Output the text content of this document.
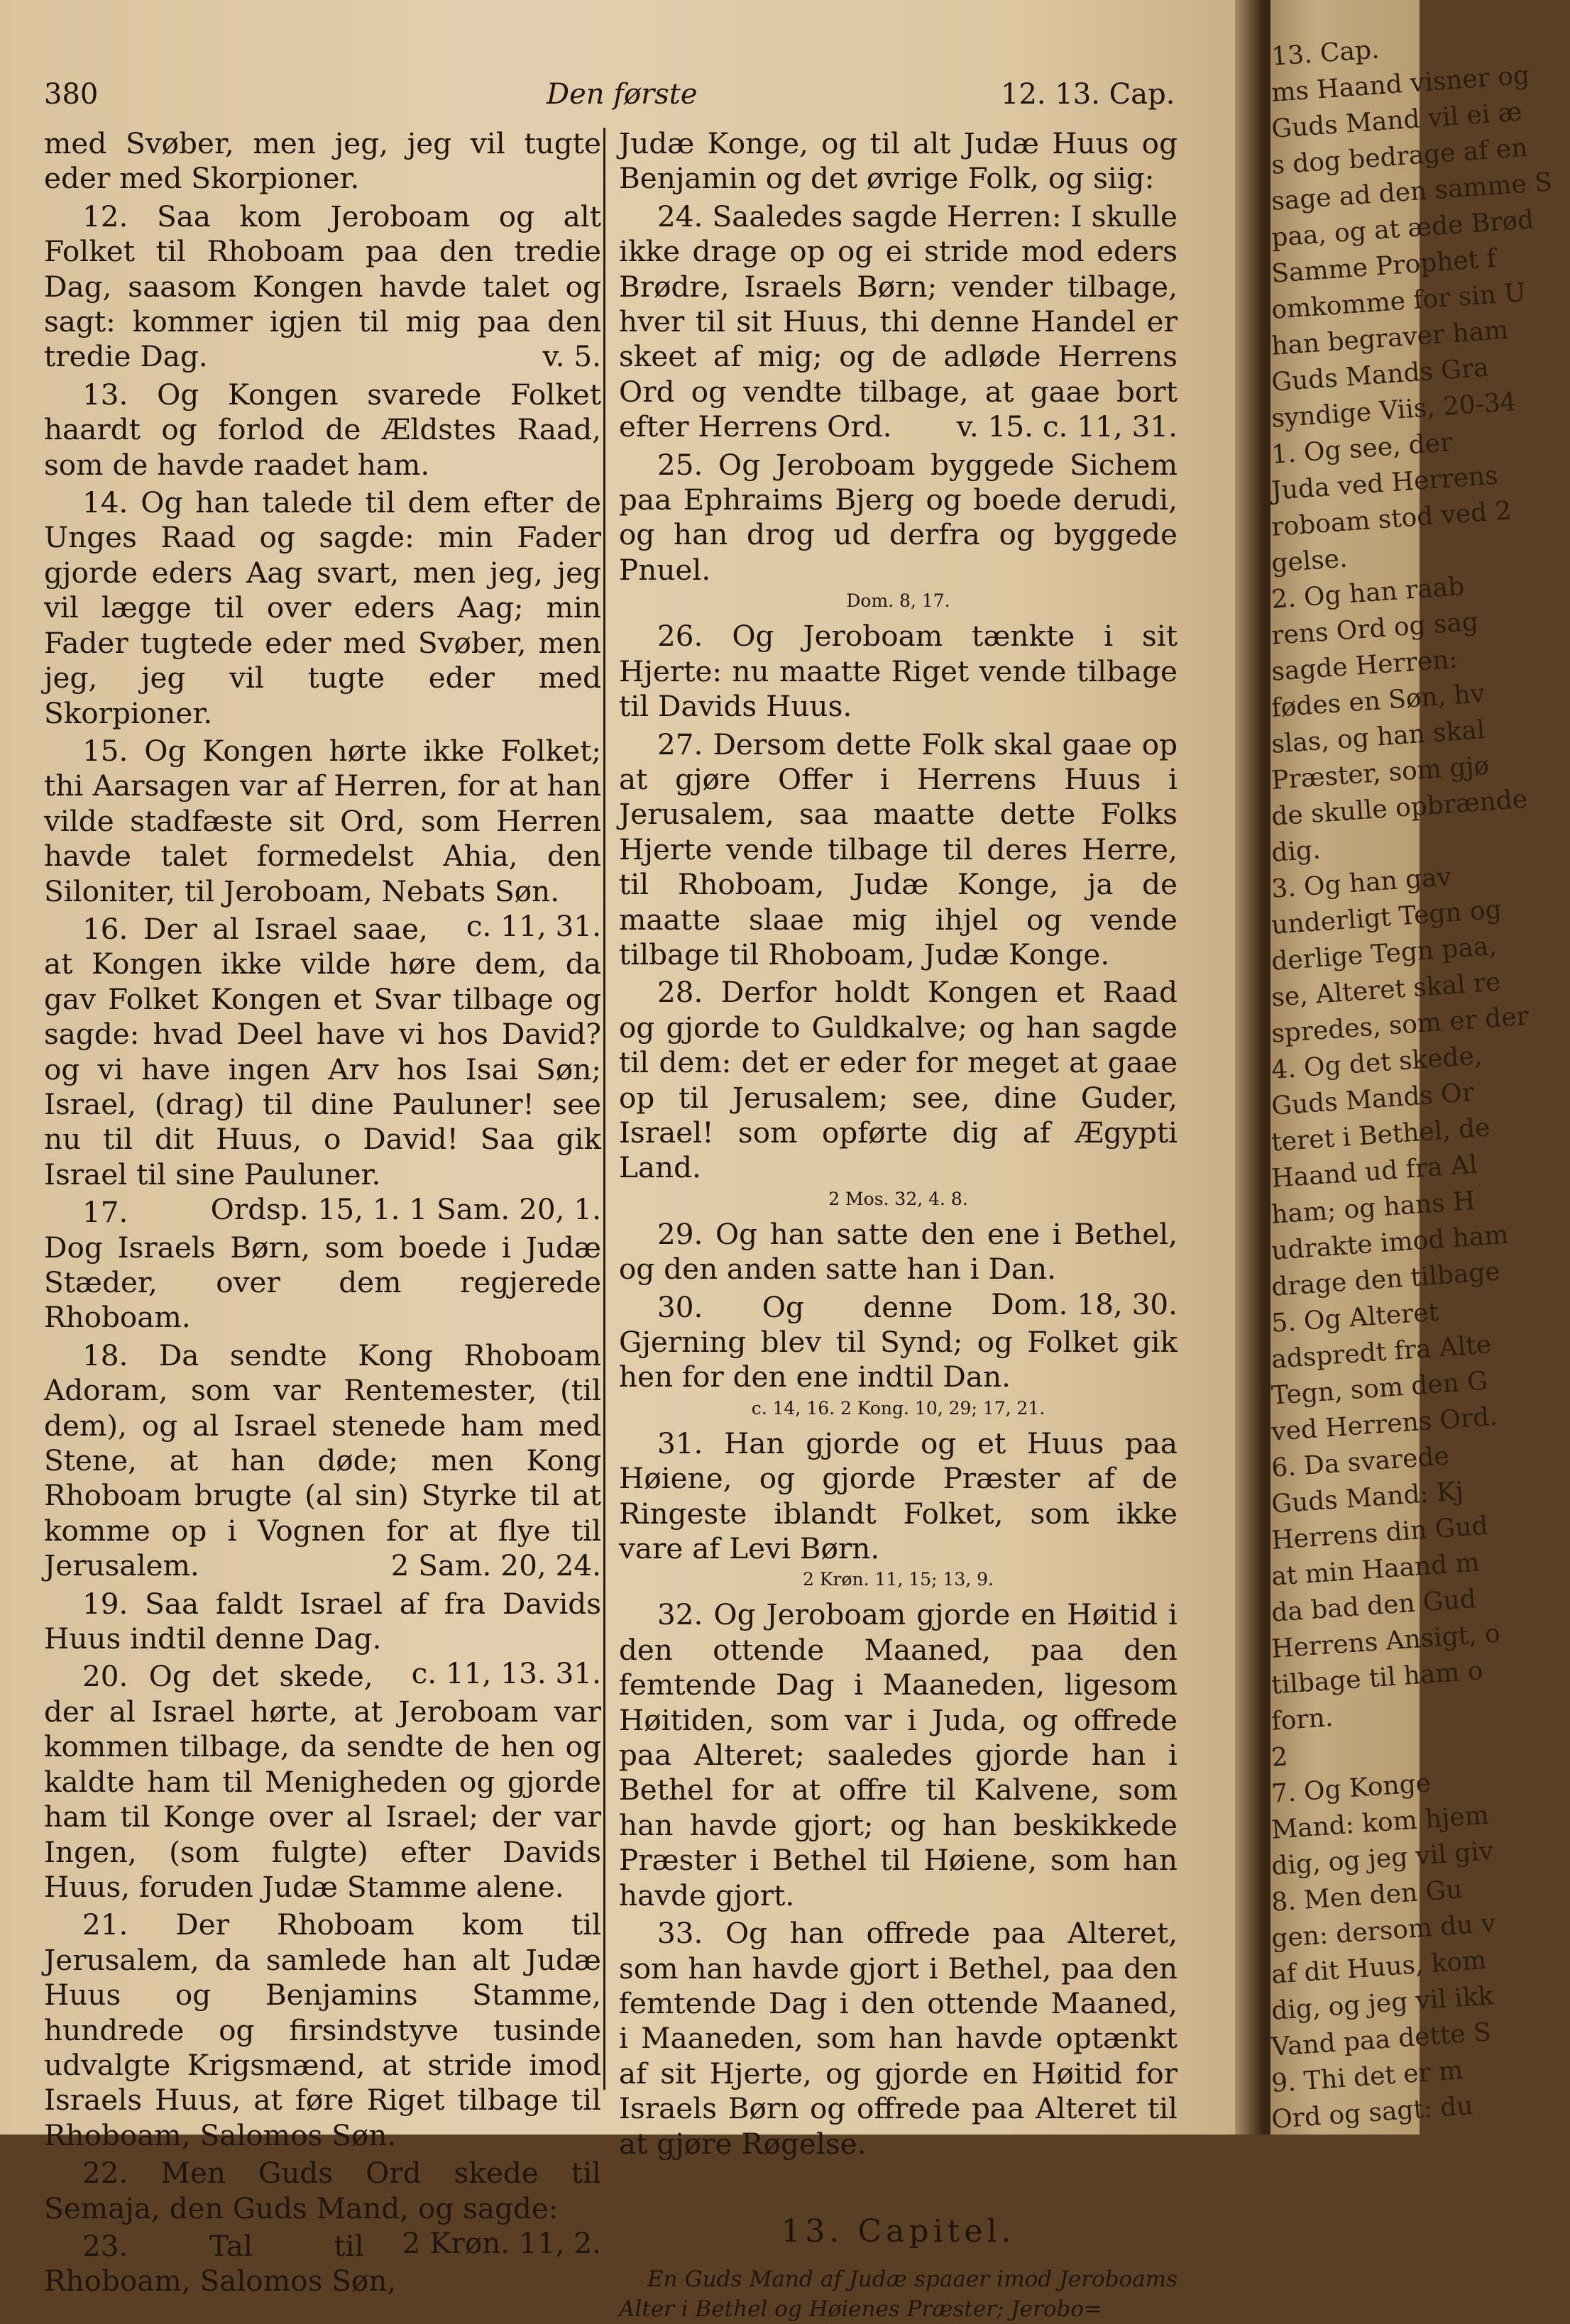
380	Den første	12. 13. Cap.

med Svøber, men jeg, jeg vil tugte eder med Skorpioner.

12. Saa kom Jeroboam og alt Folket til Rhoboam paa den tredie Dag, saasom Kongen havde talet og sagt: kommer igjen til mig paa den tredie Dag.	v. 5.

13. Og Kongen svarede Folket haardt og forlod de Ældstes Raad, som de havde raadet ham.

14. Og han talede til dem efter de Unges Raad og sagde: min Fader gjorde eders Aag svart, men jeg, jeg vil lægge til over eders Aag; min Fader tugtede eder med Svøber, men jeg, jeg vil tugte eder med Skorpioner.

15. Og Kongen hørte ikke Folket; thi Aarsagen var af Herren, for at han vilde stadfæste sit Ord, som Herren havde talet formedelst Ahia, den Siloniter, til Jeroboam, Nebats Søn.
c. 11, 31.

16. Der al Israel saae, at Kongen ikke vilde høre dem, da gav Folket Kongen et Svar tilbage og sagde: hvad Deel have vi hos David? og vi have ingen Arv hos Isai Søn; Israel, (drag) til dine Pauluner! see nu til dit Huus, o David! Saa gik Israel til sine Pauluner.
Ordsp. 15, 1. 1 Sam. 20, 1.

17. Dog Israels Børn, som boede i Judæ Stæder, over dem regjerede Rhoboam.

18. Da sendte Kong Rhoboam Adoram, som var Rentemester, (til dem), og al Israel stenede ham med Stene, at han døde; men Kong Rhoboam brugte (al sin) Styrke til at komme op i Vognen for at flye til Jerusalem.	2 Sam. 20, 24.

19. Saa faldt Israel af fra Davids Huus indtil denne Dag.
c. 11, 13. 31.

20. Og det skede, der al Israel hørte, at Jeroboam var kommen tilbage, da sendte de hen og kaldte ham til Menigheden og gjorde ham til Konge over al Israel; der var Ingen, (som fulgte) efter Davids Huus, foruden Judæ Stamme alene.

21. Der Rhoboam kom til Jerusalem, da samlede han alt Judæ Huus og Benjamins Stamme, hundrede og firsindstyve tusinde udvalgte Krigsmænd, at stride imod Israels Huus, at føre Riget tilbage til Rhoboam, Salomos Søn.

22. Men Guds Ord skede til Semaja, den Guds Mand, og sagde:
2 Krøn. 11, 2.

23.	Tal til Rhoboam, Salomos Søn,

Judæ Konge, og til alt Judæ Huus og Benjamin og det øvrige Folk, og siig:

24. Saaledes sagde Herren: I skulle ikke drage op og ei stride mod eders Brødre, Israels Børn; vender tilbage, hver til sit Huus, thi denne Handel er skeet af mig; og de adløde Herrens Ord og vendte tilbage, at gaae bort efter Herrens Ord.	v. 15. c. 11, 31.

25. Og Jeroboam byggede Sichem paa Ephraims Bjerg og boede derudi, og han drog ud derfra og byggede Pnuel.

Dom. 8, 17.

26. Og Jeroboam tænkte i sit Hjerte: nu maatte Riget vende tilbage til Davids Huus.

27. Dersom dette Folk skal gaae op at gjøre Offer i Herrens Huus i Jerusalem, saa maatte dette Folks Hjerte vende tilbage til deres Herre, til Rhoboam, Judæ Konge, ja de maatte slaae mig ihjel og vende tilbage til Rhoboam, Judæ Konge.

28. Derfor holdt Kongen et Raad og gjorde to Guldkalve; og han sagde til dem: det er eder for meget at gaae op til Jerusalem; see, dine Guder, Israel! som opførte dig af Ægypti Land.

2 Mos. 32, 4. 8.

29. Og han satte den ene i Bethel, og den anden satte han i Dan.
Dom. 18, 30.

30. Og denne Gjerning blev til Synd; og Folket gik hen for den ene indtil Dan.

c. 14, 16. 2 Kong. 10, 29; 17, 21.

31. Han gjorde og et Huus paa Høiene, og gjorde Præster af de Ringeste iblandt Folket, som ikke vare af Levi Børn.

2 Krøn. 11, 15; 13, 9.

32. Og Jeroboam gjorde en Høitid i den ottende Maaned, paa den femtende Dag i Maaneden, ligesom Høitiden, som var i Juda, og offrede paa Alteret; saaledes gjorde han i Bethel for at offre til Kalvene, som han havde gjort; og han beskikkede Præster i Bethel til Høiene, som han havde gjort.

33. Og han offrede paa Alteret, som han havde gjort i Bethel, paa den femtende Dag i den ottende Maaned, i Maaneden, som han havde optænkt af sit Hjerte, og gjorde en Høitid for Israels Børn og offrede paa Alteret til at gjøre Røgelse.

13. Capitel.
En Guds Mand af Judæ spaaer imod Jeroboams Alter i Bethel og Høienes Præster; Jerobo=
13. Cap.
ms Haand visner og
Guds Mand vil ei æ
s dog bedrage af en
sage ad den samme S
paa, og at æde Brød
Samme Prophet f
omkomme for sin U
han begraver ham
Guds Mands Gra
syndige Viis, 20-34
1. Og see, der
Juda ved Herrens
roboam stod ved 2
gelse.
2. Og han raab
rens Ord og sag
sagde Herren:
fødes en Søn, hv
slas, og han skal
Præster, som gjø
de skulle opbrænde
dig.
3. Og han gav
underligt Tegn og
derlige Tegn paa,
se, Alteret skal re
spredes, som er der
4. Og det skede,
Guds Mands Or
teret i Bethel, de
Haand ud fra Al
ham; og hans H
udrakte imod ham
drage den tilbage
5. Og Alteret
adspredt fra Alte
Tegn, som den G
ved Herrens Ord.
6. Da svarede
Guds Mand: Kj
Herrens din Gud
at min Haand m
da bad den Gud
Herrens Ansigt, o
tilbage til ham o
forn.
2
7. Og Konge
Mand: kom hjem
dig, og jeg vil giv
8. Men den Gu
gen: dersom du v
af dit Huus, kom
dig, og jeg vil ikk
Vand paa dette S
9. Thi det er m
Ord og sagt: du
